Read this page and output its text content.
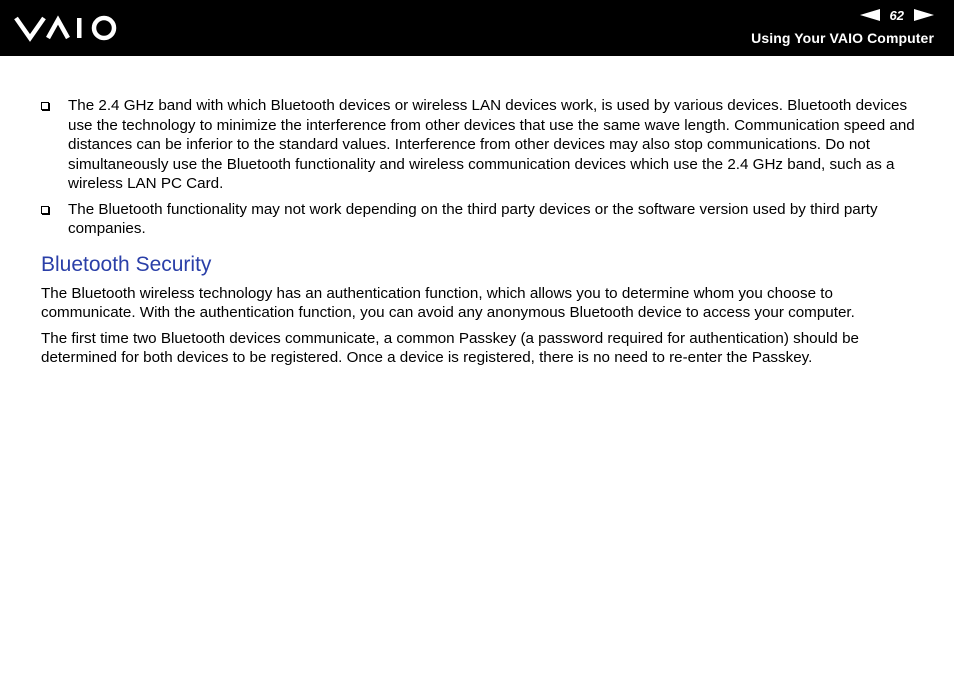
62
Using Your VAIO Computer
The 2.4 GHz band with which Bluetooth devices or wireless LAN devices work, is used by various devices. Bluetooth devices use the technology to minimize the interference from other devices that use the same wave length. Communication speed and distances can be inferior to the standard values. Interference from other devices may also stop communications. Do not simultaneously use the Bluetooth functionality and wireless communication devices which use the 2.4 GHz band, such as a wireless LAN PC Card.
The Bluetooth functionality may not work depending on the third party devices or the software version used by third party companies.
Bluetooth Security

The Bluetooth wireless technology has an authentication function, which allows you to determine whom you choose to communicate. With the authentication function, you can avoid any anonymous Bluetooth device to access your computer.

The first time two Bluetooth devices communicate, a common Passkey (a password required for authentication) should be determined for both devices to be registered. Once a device is registered, there is no need to re-enter the Passkey.
